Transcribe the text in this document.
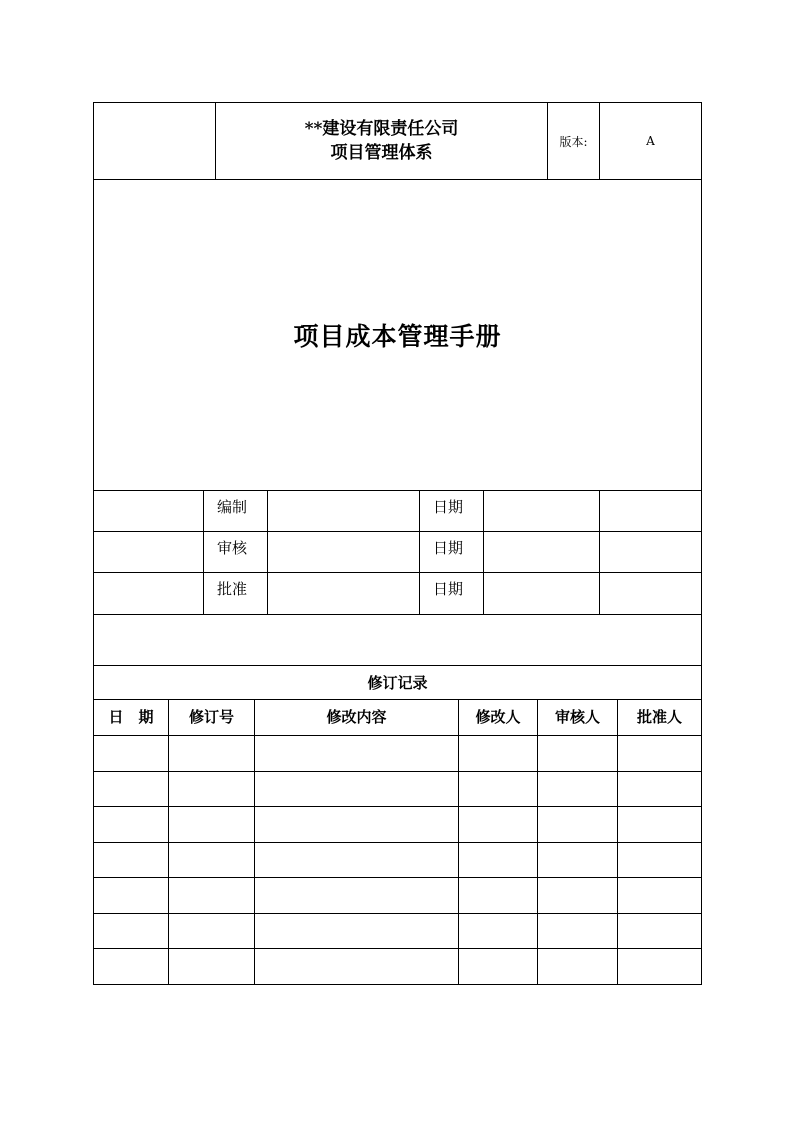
**建设有限责任公司
项目管理体系
版本:	A
项目成本管理手册
编制	日期
审核	日期
批准	日期
修订记录
日　期	修订号	修改内容	修改人	审核人	批准人
